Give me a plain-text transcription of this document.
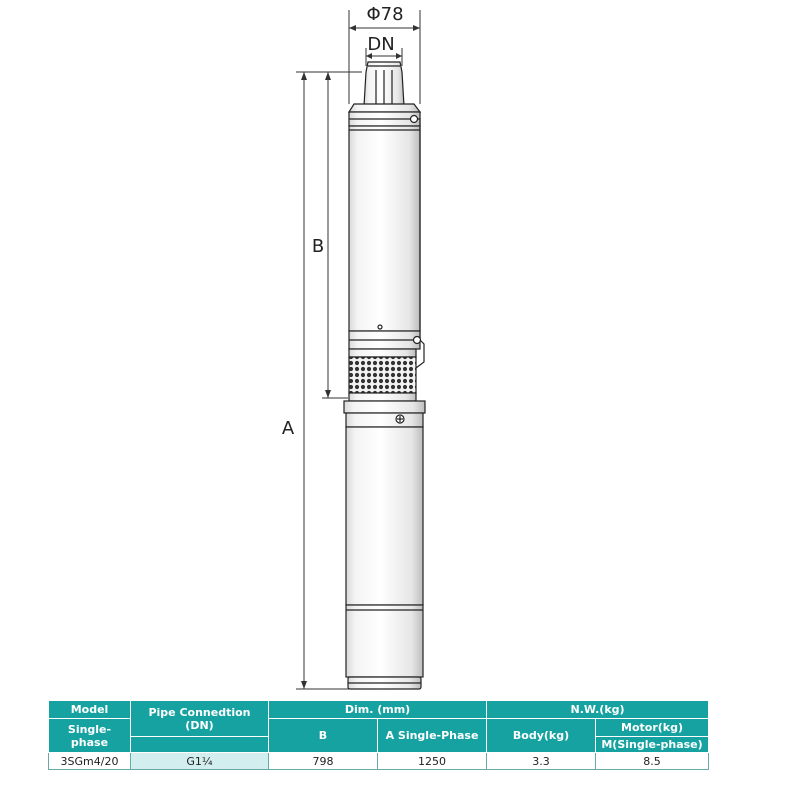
Φ78
DN
A
B
Model	Pipe Connedtion (DN)	Dim. (mm)		N.W.(kg)	
Single-phase		B	A Single-Phase	Body(kg)	Motor(kg)
					M(Single-phase)
3SGm4/20	G1¼	798	1250	3.3	8.5
